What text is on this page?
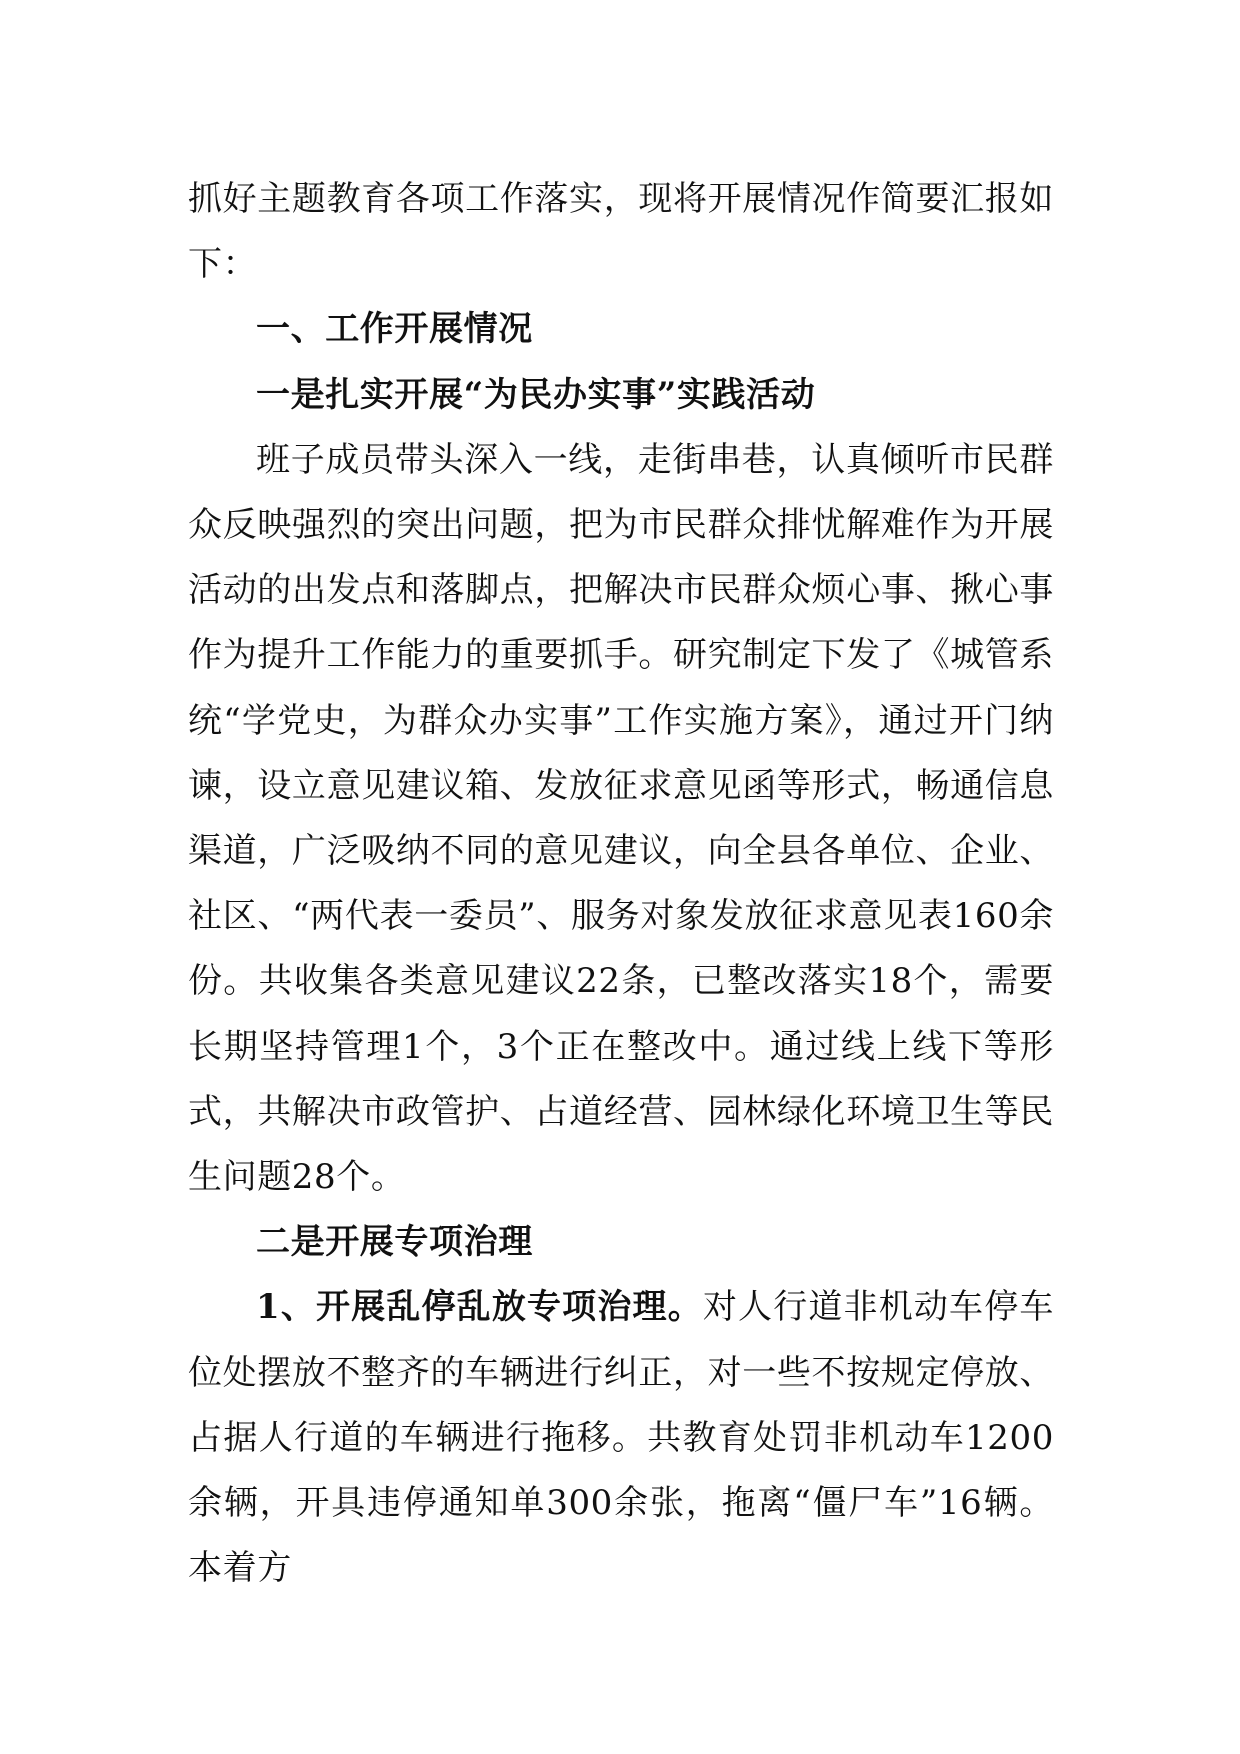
抓好主题教育各项工作落实，现将开展情况作简要汇报如下：

一、工作开展情况

一是扎实开展“为民办实事”实践活动

班子成员带头深入一线，走街串巷，认真倾听市民群众反映强烈的突出问题，把为市民群众排忧解难作为开展活动的出发点和落脚点，把解决市民群众烦心事、揪心事作为提升工作能力的重要抓手。研究制定下发了《城管系统“学党史，为群众办实事”工作实施方案》，通过开门纳谏，设立意见建议箱、发放征求意见函等形式，畅通信息渠道，广泛吸纳不同的意见建议，向全县各单位、企业、社区、“两代表一委员”、服务对象发放征求意见表160余份。共收集各类意见建议22条，已整改落实18个，需要长期坚持管理1个，3个正在整改中。通过线上线下等形式，共解决市政管护、占道经营、园林绿化环境卫生等民生问题28个。

二是开展专项治理

1、开展乱停乱放专项治理。对人行道非机动车停车位处摆放不整齐的车辆进行纠正，对一些不按规定停放、占据人行道的车辆进行拖移。共教育处罚非机动车1200余辆，开具违停通知单300余张，拖离“僵尸车”16辆。本着方
